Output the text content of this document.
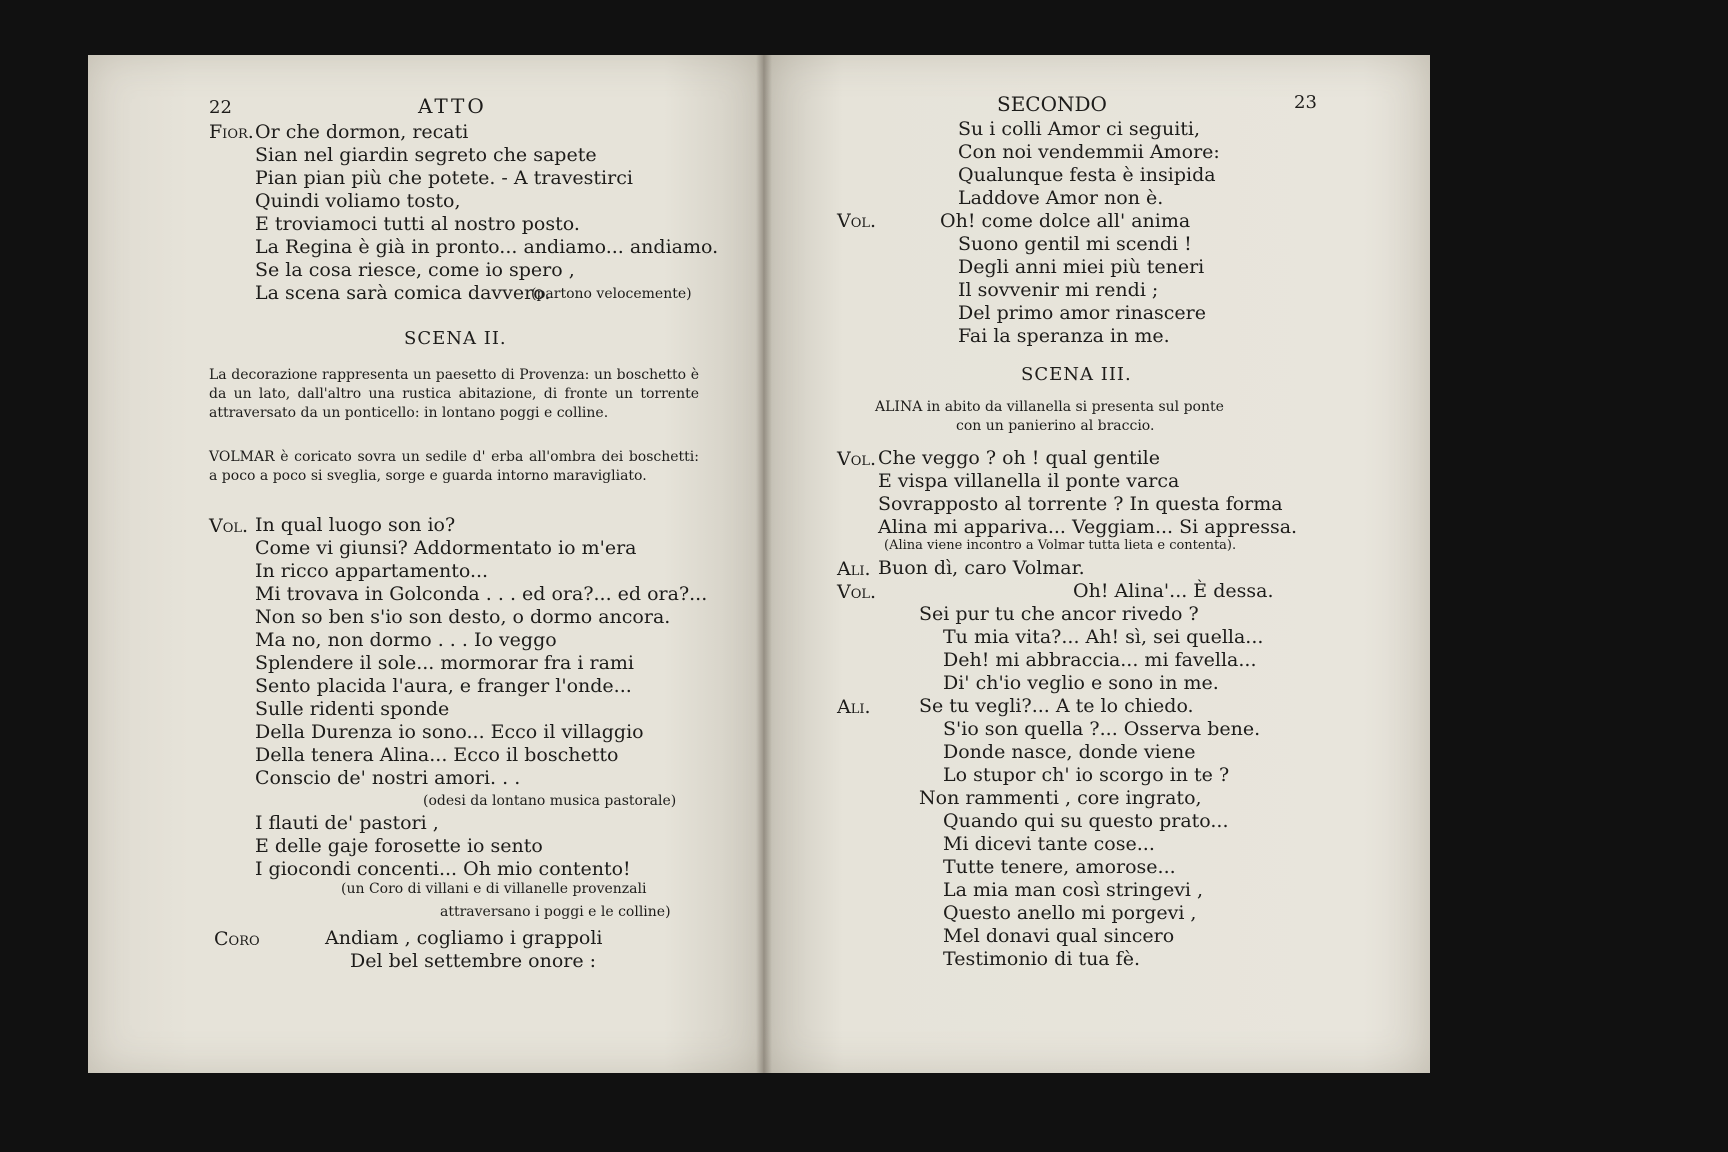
22	ATTO
Fior. Or che dormon, recati
Sian nel giardin segreto che sapete
Pian pian più che potete. - A travestirci
Quindi voliamo tosto,
E troviamoci tutti al nostro posto.
La Regina è già in pronto... andiamo... andiamo.
Se la cosa riesce, come io spero ,
La scena sarà comica davvero.
(partono velocemente)
SCENA II.
La decorazione rappresenta un paesetto di Provenza: un boschetto è da un lato, dall'altro una rustica abitazione, di fronte un torrente attraversato da un ponticello: in lontano poggi e colline.
VOLMAR è coricato sovra un sedile d' erba all'ombra dei boschetti: a poco a poco si sveglia, sorge e guarda intorno maravigliato.
Vol. In qual luogo son io?
Come vi giunsi? Addormentato io m'era
In ricco appartamento...
Mi trovava in Golconda . . . ed ora?... ed ora?...
Non so ben s'io son desto, o dormo ancora.
Ma no, non dormo . . . Io veggo
Splendere il sole... mormorar fra i rami
Sento placida l'aura, e franger l'onde...
Sulle ridenti sponde
Della Durenza io sono... Ecco il villaggio
Della tenera Alina... Ecco il boschetto
Conscio de' nostri amori. . .
(odesi da lontano musica pastorale)
I flauti de' pastori ,
E delle gaje forosette io sento
I giocondi concenti... Oh mio contento!
(un Coro di villani e di villanelle provenzali
attraversano i poggi e le colline)
Coro	Andiam , cogliamo i grappoli
Del bel settembre onore :
SECONDO	23
Su i colli Amor ci seguiti,
Con noi vendemmii Amore:
Qualunque festa è insipida
Laddove Amor non è.
Vol.	Oh! come dolce all' anima
Suono gentil mi scendi !
Degli anni miei più teneri
Il sovvenir mi rendi ;
Del primo amor rinascere
Fai la speranza in me.
SCENA III.
ALINA in abito da villanella si presenta sul ponte
con un panierino al braccio.
Vol. Che veggo ? oh ! qual gentile
E vispa villanella il ponte varca
Sovrapposto al torrente ? In questa forma
Alina mi appariva... Veggiam... Si appressa.
(Alina viene incontro a Volmar tutta lieta e contenta).
Ali. Buon dì, caro Volmar.
Vol.	Oh! Alina'... È dessa.
Sei pur tu che ancor rivedo ?
Tu mia vita?... Ah! sì, sei quella...
Deh! mi abbraccia... mi favella...
Di' ch'io veglio e sono in me.
Ali.	Se tu vegli?... A te lo chiedo.
S'io son quella ?... Osserva bene.
Donde nasce, donde viene
Lo stupor ch' io scorgo in te ?
Non rammenti , core ingrato,
Quando qui su questo prato...
Mi dicevi tante cose...
Tutte tenere, amorose...
La mia man così stringevi ,
Questo anello mi porgevi ,
Mel donavi qual sincero
Testimonio di tua fè.
